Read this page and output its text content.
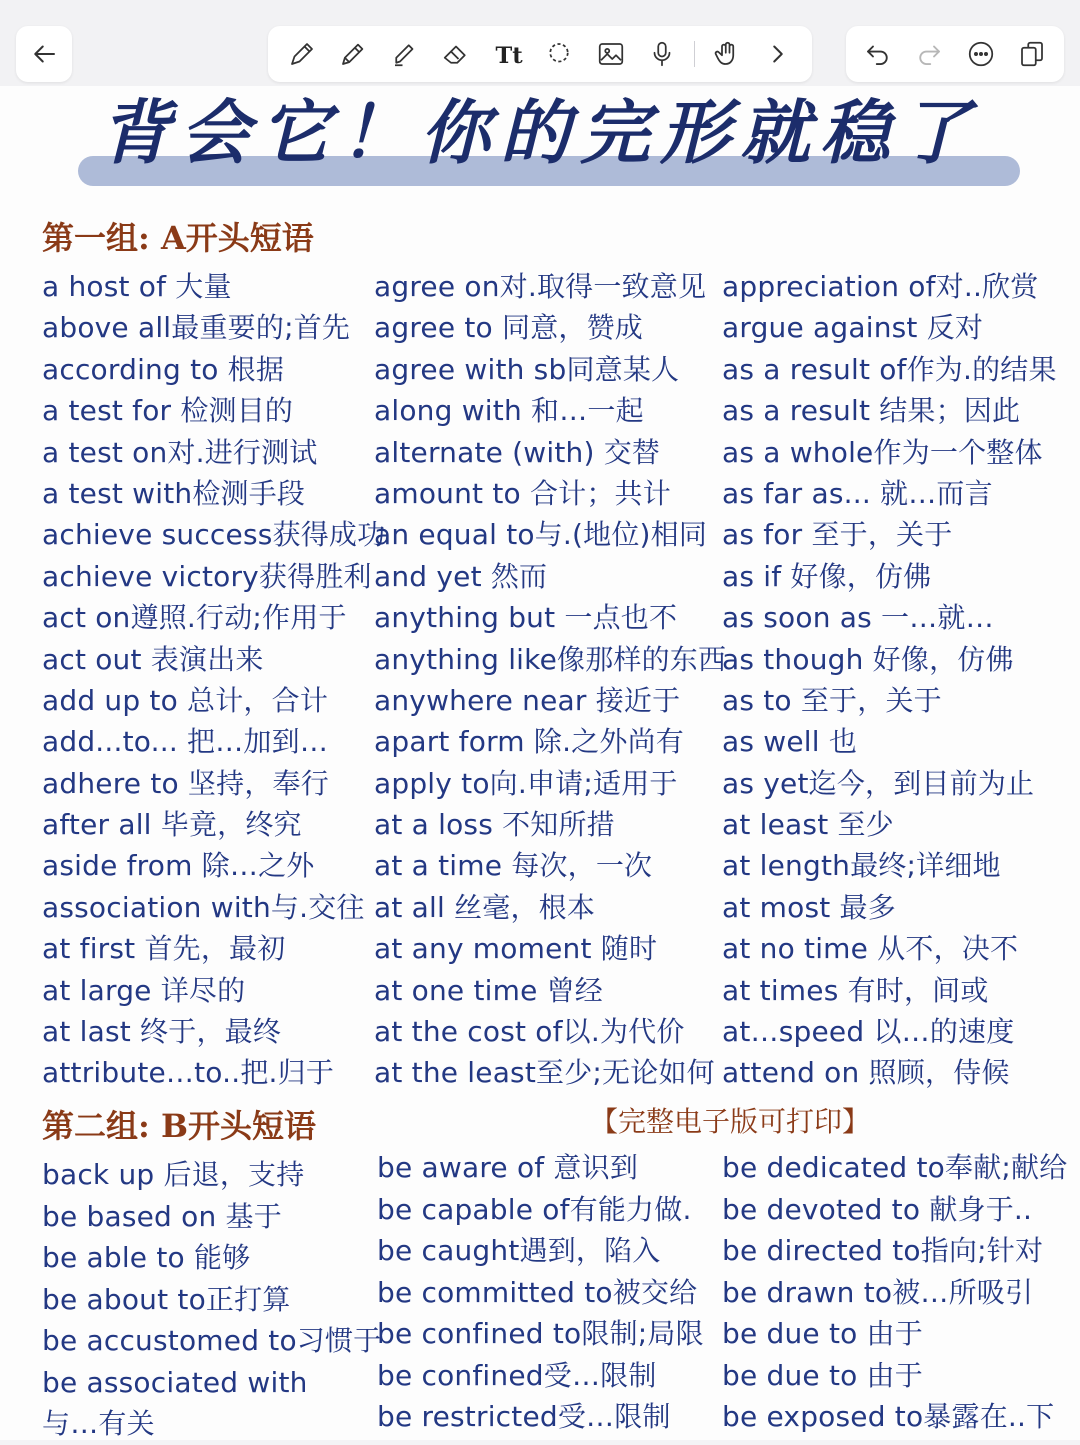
Tt
背会它！你的完形就稳了
第一组: A开头短语
a host of 大量
above all最重要的;首先
according to 根据
a test for 检测目的
a test on对.进行测试
a test with检测手段
achieve success获得成功
achieve victory获得胜利
act on遵照.行动;作用于
act out 表演出来
add up to 总计，合计
add...to... 把…加到…
adhere to 坚持，奉行
after all 毕竟，终究
aside from 除…之外
association with与.交往
at first 首先，最初
at large 详尽的
at last 终于，最终
attribute…to..把.归于
agree on对.取得一致意见
agree to 同意，赞成
agree with sb同意某人
along with 和…一起
alternate (with) 交替
amount to 合计；共计
an equal to与.(地位)相同
and yet 然而
anything but 一点也不
anything like像那样的东西
anywhere near 接近于
apart form 除.之外尚有
apply to向.申请;适用于
at a loss 不知所措
at a time 每次，一次
at all 丝毫，根本
at any moment 随时
at one time 曾经
at the cost of以.为代价
at the least至少;无论如何
appreciation of对..欣赏
argue against 反对
as a result of作为.的结果
as a result 结果；因此
as a whole作为一个整体
as far as... 就…而言
as for 至于，关于
as if 好像，仿佛
as soon as 一…就…
as though 好像，仿佛
as to 至于，关于
as well 也
as yet迄今，到目前为止
at least 至少
at length最终;详细地
at most 最多
at no time 从不，决不
at times 有时，间或
at…speed 以…的速度
attend on 照顾，侍候
第二组: B开头短语	【完整电子版可打印】
back up 后退，支持
be based on 基于
be able to 能够
be about to正打算
be accustomed to习惯于
be associated with
与…有关
be aware of 意识到
be capable of有能力做.
be caught遇到，陷入
be committed to被交给
be confined to限制;局限
be confined受…限制
be restricted受…限制
be dedicated to奉献;献给
be devoted to 献身于..
be directed to指向;针对
be drawn to被…所吸引
be due to 由于
be due to 由于
be exposed to暴露在..下
